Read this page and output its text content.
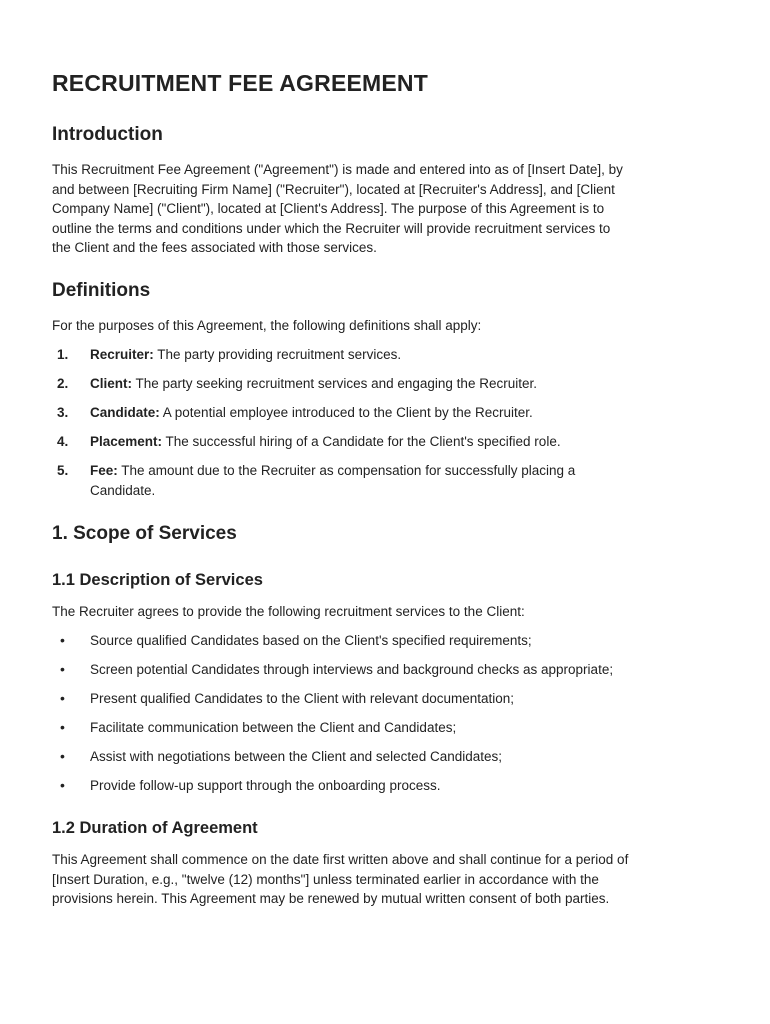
RECRUITMENT FEE AGREEMENT
Introduction

This Recruitment Fee Agreement ("Agreement") is made and entered into as of [Insert Date], by
and between [Recruiting Firm Name] ("Recruiter"), located at [Recruiter's Address], and [Client
Company Name] ("Client"), located at [Client's Address]. The purpose of this Agreement is to
outline the terms and conditions under which the Recruiter will provide recruitment services to
the Client and the fees associated with those services.

Definitions

For the purposes of this Agreement, the following definitions shall apply:

1. Recruiter: The party providing recruitment services.
2. Client: The party seeking recruitment services and engaging the Recruiter.
3. Candidate: A potential employee introduced to the Client by the Recruiter.
4. Placement: The successful hiring of a Candidate for the Client's specified role.
5. Fee: The amount due to the Recruiter as compensation for successfully placing a
Candidate.
1. Scope of Services
1.1 Description of Services

The Recruiter agrees to provide the following recruitment services to the Client:

• Source qualified Candidates based on the Client's specified requirements;
• Screen potential Candidates through interviews and background checks as appropriate;
• Present qualified Candidates to the Client with relevant documentation;
• Facilitate communication between the Client and Candidates;
• Assist with negotiations between the Client and selected Candidates;
• Provide follow-up support through the onboarding process.
1.2 Duration of Agreement

This Agreement shall commence on the date first written above and shall continue for a period of
[Insert Duration, e.g., "twelve (12) months"] unless terminated earlier in accordance with the
provisions herein. This Agreement may be renewed by mutual written consent of both parties.
